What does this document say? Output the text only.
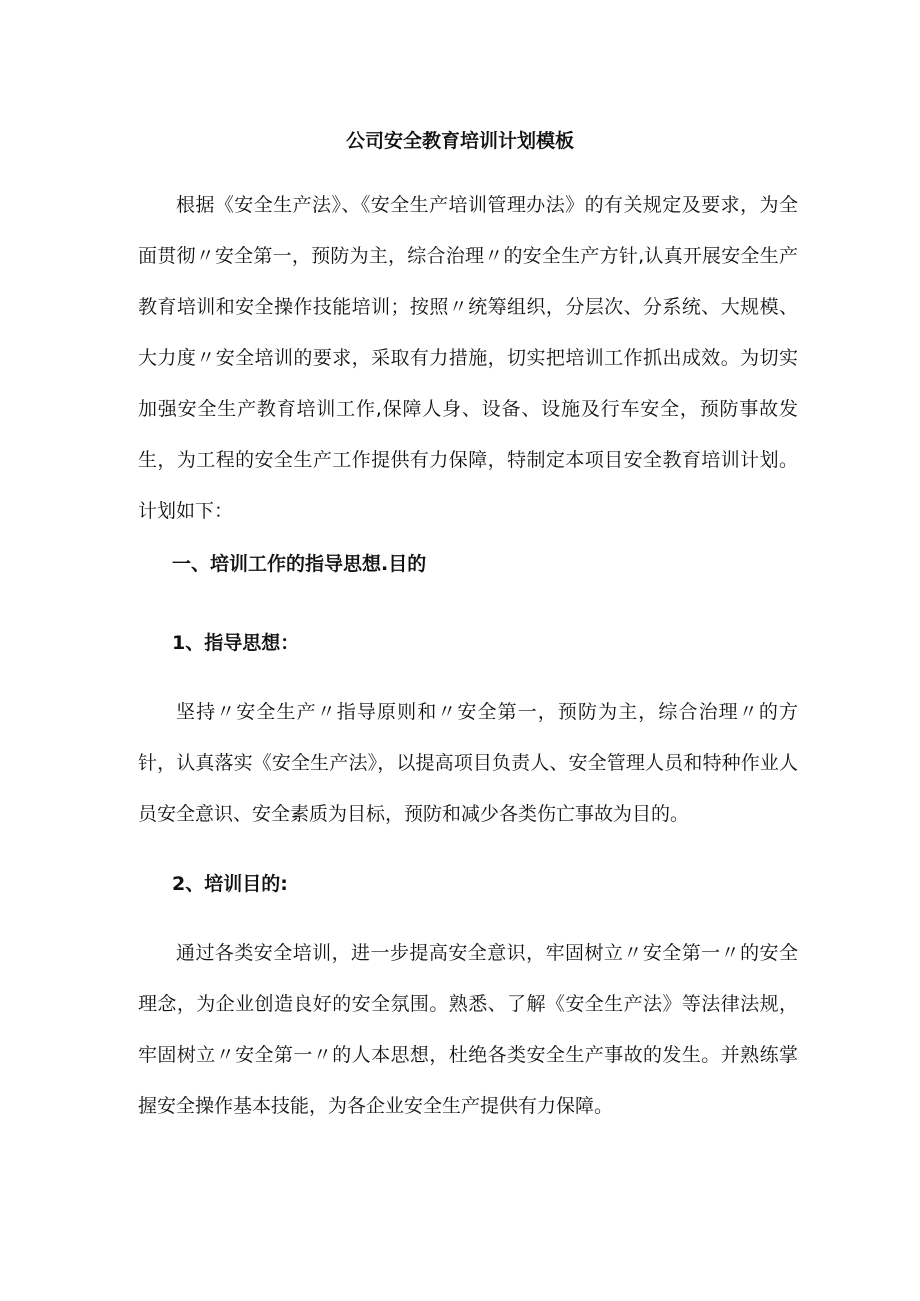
公司安全教育培训计划模板

根据《安全生产法》、《安全生产培训管理办法》的有关规定及要求，为全面贯彻〃安全第一，预防为主，综合治理〃的安全生产方针,认真开展安全生产教育培训和安全操作技能培训；按照〃统筹组织，分层次、分系统、大规模、大力度〃安全培训的要求，采取有力措施，切实把培训工作抓出成效。为切实加强安全生产教育培训工作,保障人身、设备、设施及行车安全，预防事故发生，为工程的安全生产工作提供有力保障，特制定本项目安全教育培训计划。计划如下：

一、培训工作的指导思想.目的
1、指导思想：

坚持〃安全生产〃指导原则和〃安全第一，预防为主，综合治理〃的方针，认真落实《安全生产法》，以提高项目负责人、安全管理人员和特种作业人员安全意识、安全素质为目标，预防和减少各类伤亡事故为目的。

2、培训目的:

通过各类安全培训，进一步提高安全意识，牢固树立〃安全第一〃的安全理念，为企业创造良好的安全氛围。熟悉、了解《安全生产法》等法律法规，牢固树立〃安全第一〃的人本思想，杜绝各类安全生产事故的发生。并熟练掌握安全操作基本技能，为各企业安全生产提供有力保障。
